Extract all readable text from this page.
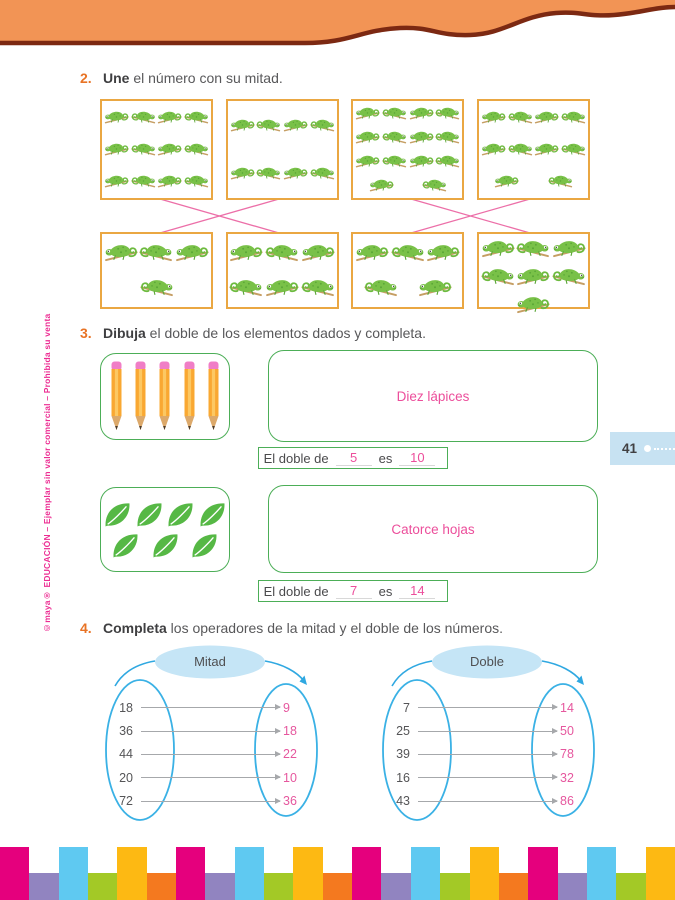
©maya® EDUCACIÓN – Ejemplar sin valor comercial – Prohibida su venta	41
2. Une el número con su mitad.
3. Dibuja el doble de los elementos dados y completa.
Diez lápices
El doble de	5	es	10
Catorce hojas
El doble de	7	es	14
4. Completa los operadores de la mitad y el doble de los números.
Mitad
18	9
36	18
44	22
20	10
72	36
Doble
7	14
25	50
39	78
16	32
43	86
